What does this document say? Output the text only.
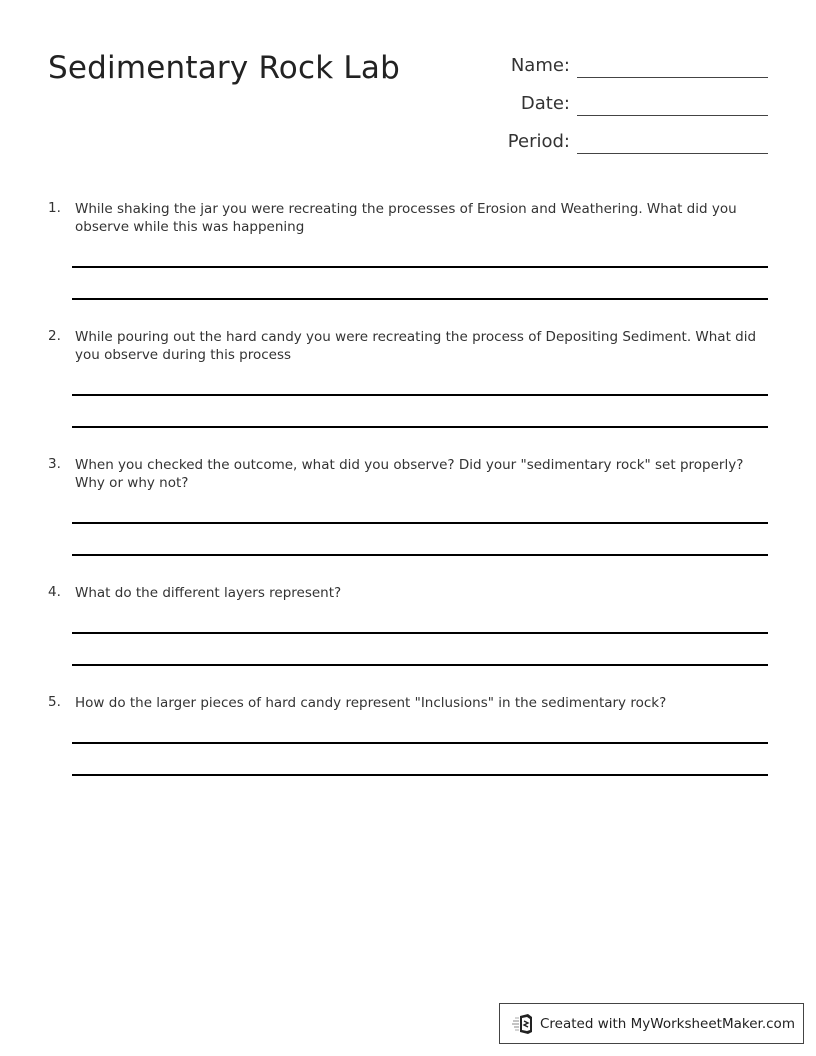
Sedimentary Rock Lab	Name:
Date:
Period:
1. While shaking the jar you were recreating the processes of Erosion and Weathering. What did you observe while this was happening
2. While pouring out the hard candy you were recreating the process of Depositing Sediment. What did you observe during this process
3. When you checked the outcome, what did you observe? Did your "sedimentary rock" set properly? Why or why not?
4. What do the different layers represent?
5. How do the larger pieces of hard candy represent "Inclusions" in the sedimentary rock?
Created with MyWorksheetMaker.com
